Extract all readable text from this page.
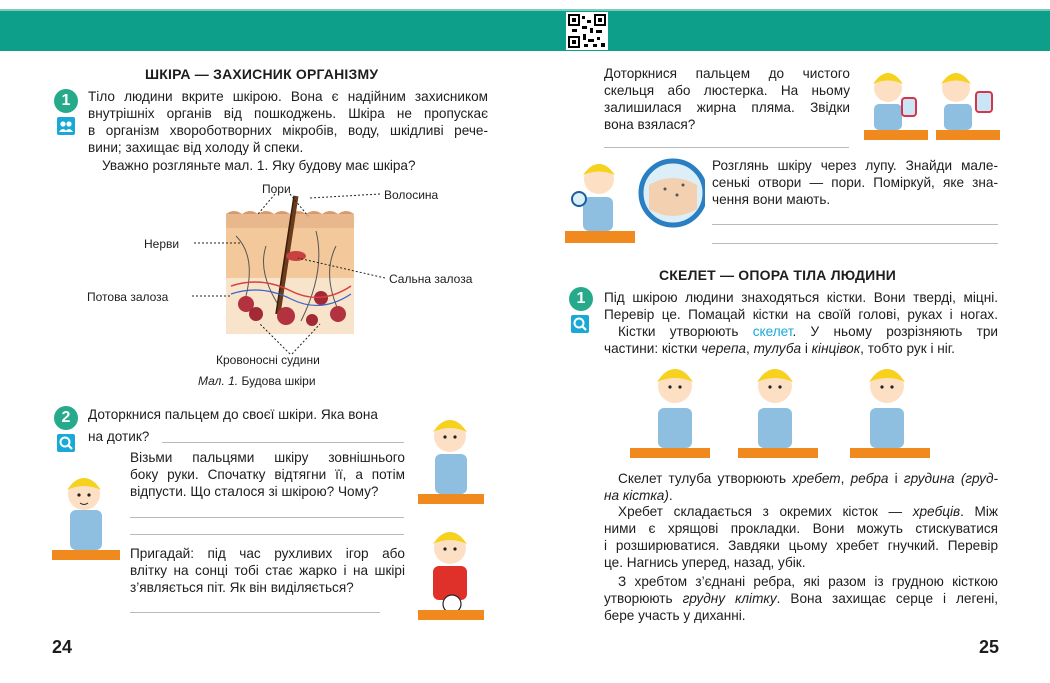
ШКІРА — ЗАХИСНИК ОРГАНІЗМУ
1	Тіло людини вкрите шкірою. Вона є надійним захисником
внутрішніх органів від пошкоджень. Шкіра не пропускає
в організм хвороботворних мікробів, воду, шкідливі рече-
вини; захищає від холоду й спеки.
Уважно розгляньте мал. 1. Яку будову має шкіра?
Пори	Волосина
Нерви
Сальна залоза
Потова залоза
Кровоносні судини
Мал. 1. Будова шкіри
2	Доторкнися пальцем до своєї шкіри. Яка вона
на дотик?
Візьми пальцями шкіру зовнішнього
боку руки. Спочатку відтягни її, а потім
відпусти. Що сталося зі шкірою? Чому?
Пригадай: під час рухливих ігор або
влітку на сонці тобі стає жарко і на шкірі
з’являється піт. Як він виділяється?
24
Доторкнися пальцем до чистого
скельця або люстерка. На ньому
залишилася жирна пляма. Звідки
вона взялася?
Розглянь шкіру через лупу. Знайди мале-
сенькі отвори — пори. Поміркуй, яке зна-
чення вони мають.
СКЕЛЕТ — ОПОРА ТІЛА ЛЮДИНИ
1	Під шкірою людини знаходяться кістки. Вони тверді, міцні.
Перевір це. Помацай кістки на своїй голові, руках і ногах.
Кістки утворюють скелет. У ньому розрізняють три
частини: кістки черепа, тулуба і кінцівок, тобто рук і ніг.
Скелет тулуба утворюють хребет, ребра і грудина (груд-
на кістка).
Хребет складається з окремих кісток — хребців. Між
ними є хрящові прокладки. Вони можуть стискуватися
і розширюватися. Завдяки цьому хребет гнучкий. Перевір
це. Нагнись уперед, назад, убік.
З хребтом з’єднані ребра, які разом із грудною кісткою
утворюють грудну клітку. Вона захищає серце і легені,
бере участь у диханні.
25
